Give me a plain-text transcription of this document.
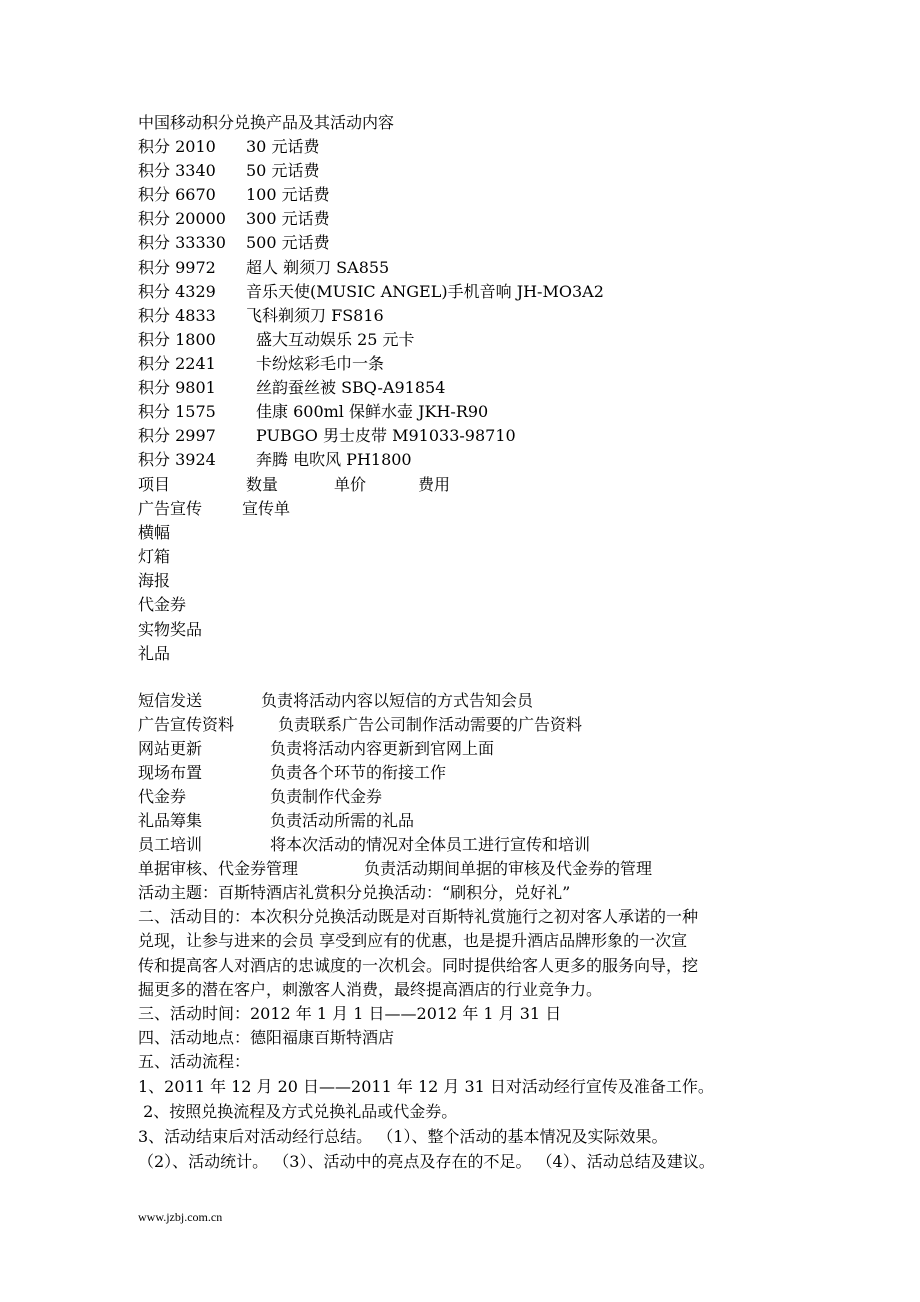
中国移动积分兑换产品及其活动内容
积分 2010 30 元话费
积分 3340 50 元话费
积分 6670 100 元话费
积分 20000 300 元话费
积分 33330 500 元话费
积分 9972 超人 剃须刀 SA855
积分 4329 音乐天使(MUSIC ANGEL)手机音响 JH-MO3A2
积分 4833 飞科剃须刀 FS816
积分 1800	盛大互动娱乐 25 元卡
积分 2241	卡纷炫彩毛巾一条
积分 9801	丝韵蚕丝被 SBQ-A91854
积分 1575	佳康 600ml 保鲜水壶 JKH-R90
积分 2997	PUBGO 男士皮带 M91033-98710
积分 3924	奔腾 电吹风 PH1800
项目	数量	单价	费用
广告宣传 宣传单
横幅
灯箱
海报
代金券
实物奖品
礼品
短信发送	负责将活动内容以短信的方式告知会员
广告宣传资料	负责联系广告公司制作活动需要的广告资料
网站更新	负责将活动内容更新到官网上面
现场布置	负责各个环节的衔接工作
代金券	负责制作代金券
礼品筹集	负责活动所需的礼品
员工培训	将本次活动的情况对全体员工进行宣传和培训
单据审核、代金券管理	负责活动期间单据的审核及代金券的管理
活动主题：百斯特酒店礼赏积分兑换活动：“刷积分，兑好礼”
二、活动目的：本次积分兑换活动既是对百斯特礼赏施行之初对客人承诺的一种
兑现，让参与进来的会员 享受到应有的优惠，也是提升酒店品牌形象的一次宣
传和提高客人对酒店的忠诚度的一次机会。同时提供给客人更多的服务向导，挖
掘更多的潜在客户，刺激客人消费，最终提高酒店的行业竞争力。
三、活动时间：2012 年 1 月 1 日——2012 年 1 月 31 日
四、活动地点：德阳福康百斯特酒店
五、活动流程：
1、2011 年 12 月 20 日——2011 年 12 月 31 日对活动经行宣传及准备工作。
2、按照兑换流程及方式兑换礼品或代金券。
3、活动结束后对活动经行总结。 （1）、整个活动的基本情况及实际效果。
（2）、活动统计。 （3）、活动中的亮点及存在的不足。 （4）、活动总结及建议。
www.jzbj.com.cn
